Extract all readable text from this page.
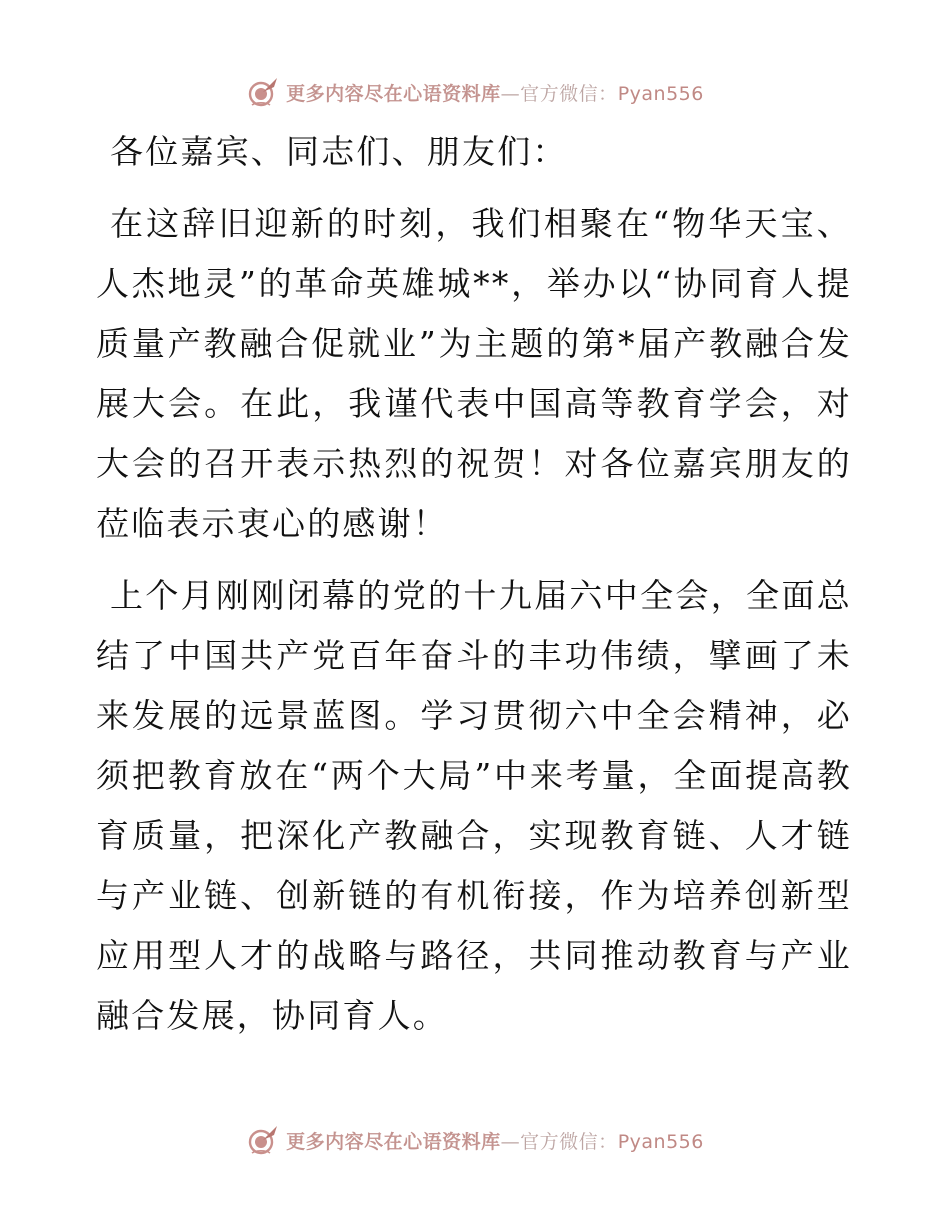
更多内容尽在心语资料库—官方微信：Pyan556

各位嘉宾、同志们、朋友们：

在这辞旧迎新的时刻，我们相聚在“物华天宝、人杰地灵”的革命英雄城**，举办以“协同育人提质量产教融合促就业”为主题的第*届产教融合发展大会。在此，我谨代表中国高等教育学会，对大会的召开表示热烈的祝贺！对各位嘉宾朋友的莅临表示衷心的感谢！

上个月刚刚闭幕的党的十九届六中全会，全面总结了中国共产党百年奋斗的丰功伟绩，擘画了未来发展的远景蓝图。学习贯彻六中全会精神，必须把教育放在“两个大局”中来考量，全面提高教育质量，把深化产教融合，实现教育链、人才链与产业链、创新链的有机衔接，作为培养创新型应用型人才的战略与路径，共同推动教育与产业融合发展，协同育人。

更多内容尽在心语资料库—官方微信：Pyan556
